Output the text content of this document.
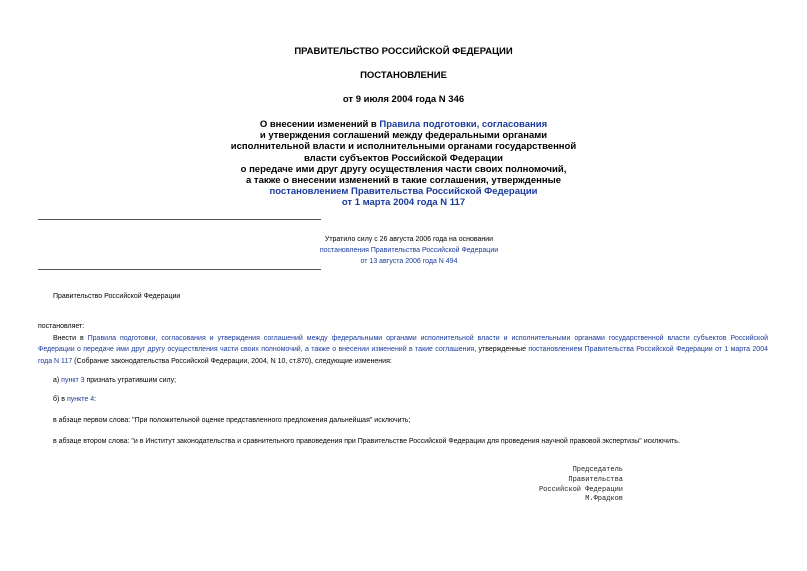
ПРАВИТЕЛЬСТВО РОССИЙСКОЙ ФЕДЕРАЦИИ
ПОСТАНОВЛЕНИЕ
от 9 июля 2004 года N 346
О внесении изменений в Правила подготовки, согласования
и утверждения соглашений между федеральными органами
исполнительной власти и исполнительными органами государственной
власти субъектов Российской Федерации
о передаче ими друг другу осуществления части своих полномочий,
а также о внесении изменений в такие соглашения, утвержденные
постановлением Правительства Российской Федерации
от 1 марта 2004 года N 117
Утратило силу с 26 августа 2006 года на основании
постановления Правительства Российской Федерации
от 13 августа 2006 года N 494
Правительство Российской Федерации
постановляет:
Внести в Правила подготовки, согласования и утверждения соглашений между федеральными органами исполнительной власти и исполнительными органами государственной власти субъектов Российской Федерации о передаче ими друг другу осуществления части своих полномочий, а также о внесении изменений в такие соглашения, утвержденные постановлением Правительства Российской Федерации от 1 марта 2004 года N 117 (Собрание законодательства Российской Федерации, 2004, N 10, ст.870), следующие изменения:
а) пункт 3 признать утратившим силу;
б) в пункте 4:
в абзаце первом слова: "При положительной оценке представленного предложения дальнейшая" исключить;
в абзаце втором слова: "и в Институт законодательства и сравнительного правоведения при Правительстве Российской Федерации для проведения научной правовой экспертизы" исключить.
Председатель
Правительства
Российской Федерации
М.Фрадков
